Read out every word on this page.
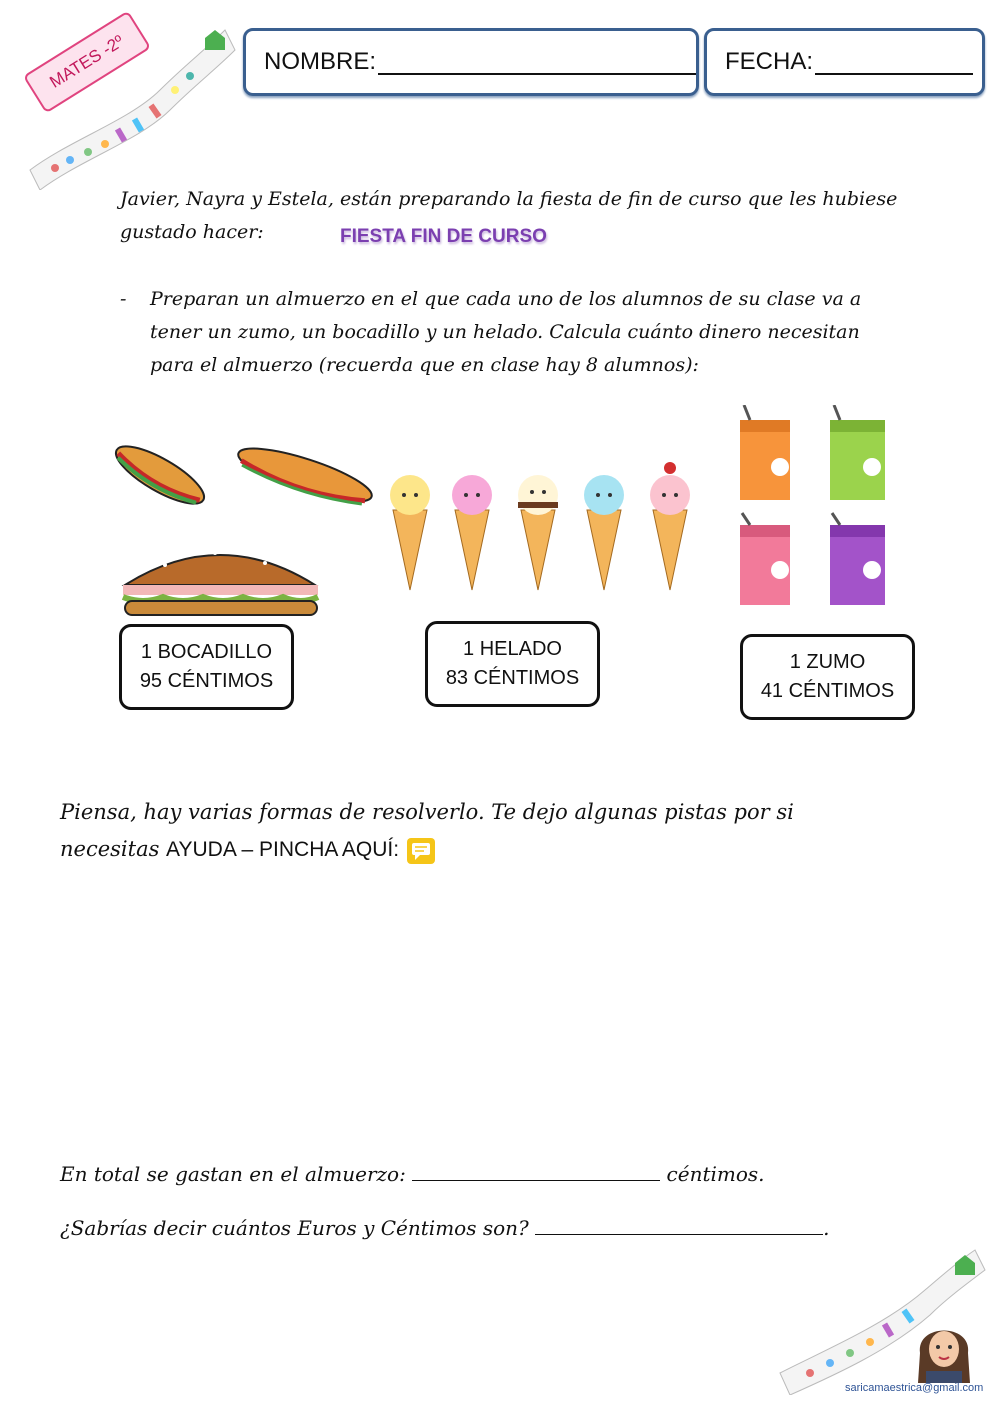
MATES -2º	NOMBRE:	FECHA:
Javier, Nayra y Estela, están preparando la fiesta de fin de curso que les hubiese
gustado hacer:	FIESTA FIN DE CURSO
- Preparan un almuerzo en el que cada uno de los alumnos de su clase va a
tener un zumo, un bocadillo y un helado. Calcula cuánto dinero necesitan
para el almuerzo (recuerda que en clase hay 8 alumnos):
1 BOCADILLO
95 CÉNTIMOS
1 HELADO
83 CÉNTIMOS
1 ZUMO
41 CÉNTIMOS
Piensa, hay varias formas de resolverlo. Te dejo algunas pistas por si
necesitas AYUDA – PINCHA AQUÍ:
En total se gastan en el almuerzo:	céntimos.
¿Sabrías decir cuántos Euros y Céntimos son?	.
saricamaestrica@gmail.com
